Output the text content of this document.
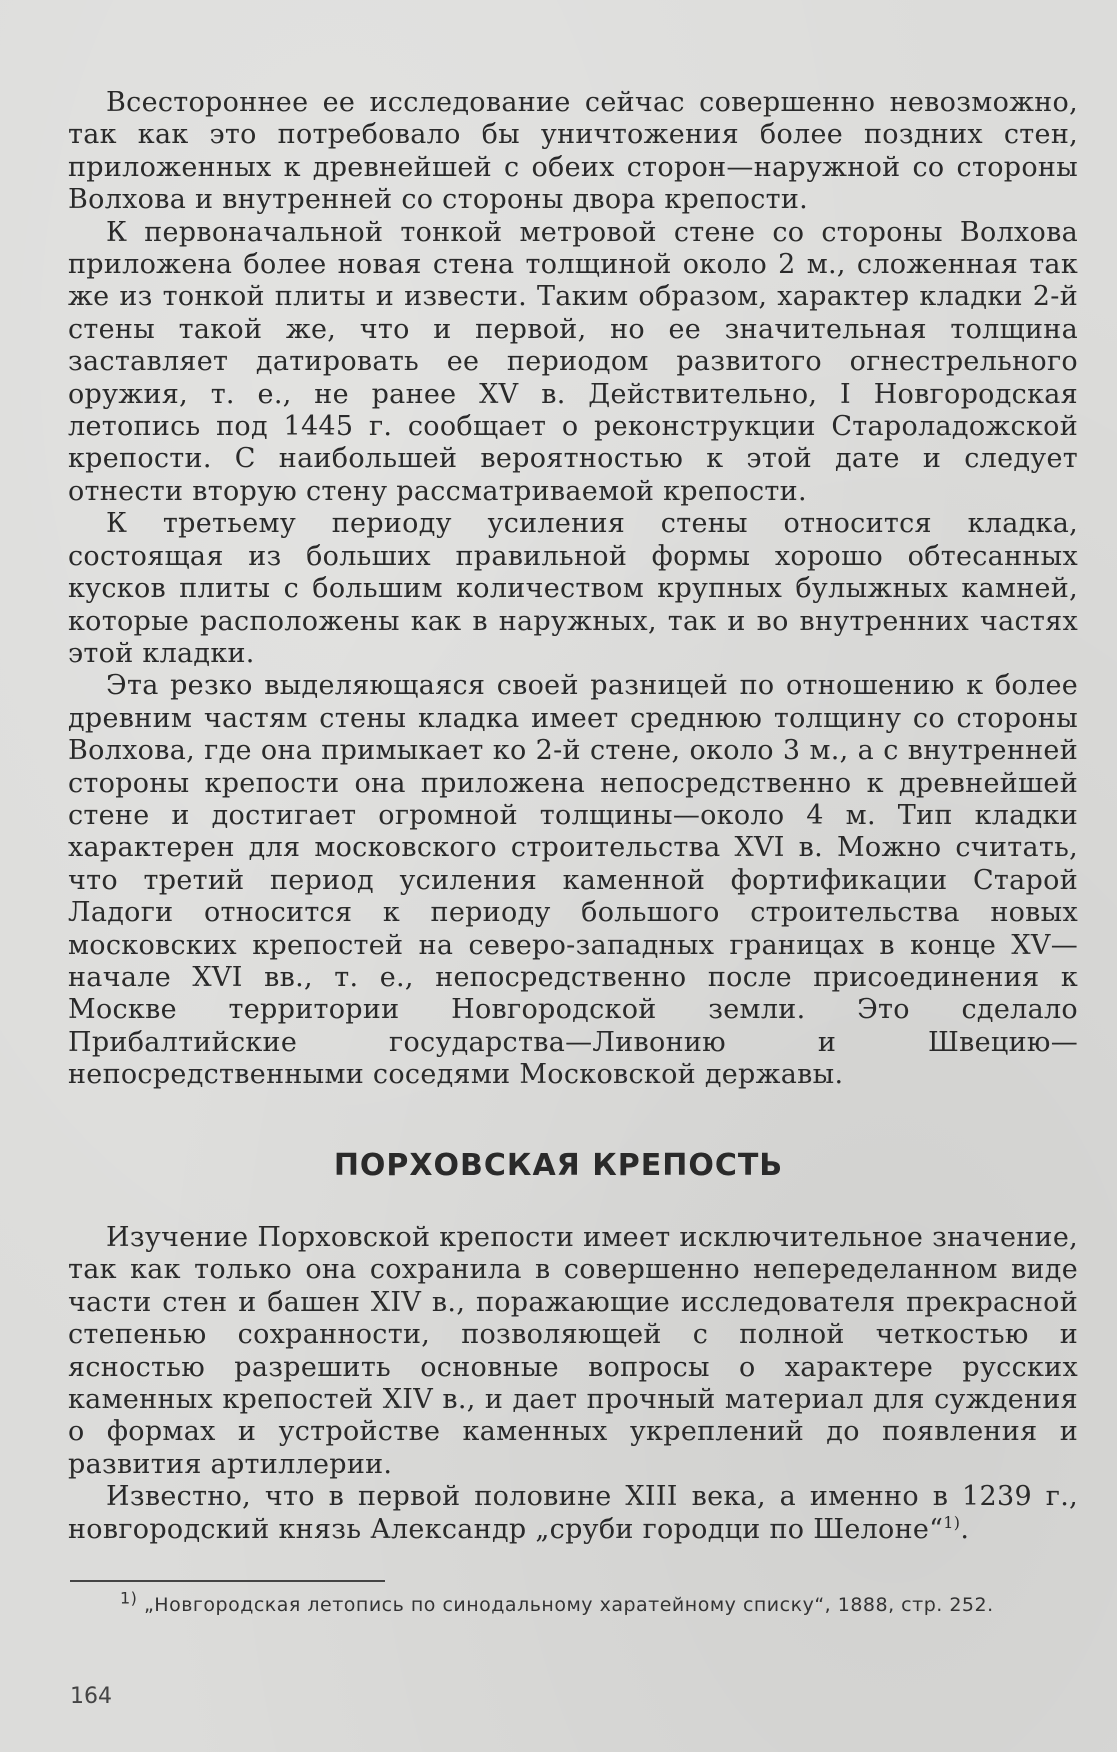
Всестороннее ее исследование сейчас совершенно невозможно, так как это потребовало бы уничтожения более поздних стен, приложенных к древнейшей с обеих сторон—наружной со стороны Волхова и внутренней со стороны двора крепости.

К первоначальной тонкой метровой стене со стороны Волхова приложена более новая стена толщиной около 2 м., сложенная так же из тонкой плиты и извести. Таким образом, характер кладки 2-й стены такой же, что и первой, но ее значительная толщина заставляет датировать ее периодом развитого огнестрельного оружия, т. е., не ранее XV в. Действительно, I Новгородская летопись под 1445 г. сообщает о реконструкции Староладожской крепости. С наибольшей вероятностью к этой дате и следует отнести вторую стену рассматриваемой крепости.

К третьему периоду усиления стены относится кладка, состоящая из больших правильной формы хорошо обтесанных кусков плиты с большим количеством крупных булыжных камней, которые расположены как в наружных, так и во внутренних частях этой кладки.

Эта резко выделяющаяся своей разницей по отношению к более древним частям стены кладка имеет среднюю толщину со стороны Волхова, где она примыкает ко 2-й стене, около 3 м., а с внутренней стороны крепости она приложена непосредственно к древнейшей стене и достигает огромной толщины—около 4 м. Тип кладки характерен для московского строительства XVI в. Можно считать, что третий период усиления каменной фортификации Старой Ладоги относится к периоду большого строительства новых московских крепостей на северо-западных границах в конце XV—начале XVI вв., т. е., непосредственно после присоединения к Москве территории Новгородской земли. Это сделало Прибалтийские государства—Ливонию и Швецию—непосредственными соседями Московской державы.

ПОРХОВСКАЯ КРЕПОСТЬ

Изучение Порховской крепости имеет исключительное значение, так как только она сохранила в совершенно непеределанном виде части стен и башен XIV в., поражающие исследователя прекрасной степенью сохранности, позволяющей с полной четкостью и ясностью разрешить основные вопросы о характере русских каменных крепостей XIV в., и дает прочный материал для суждения о формах и устройстве каменных укреплений до появления и развития артиллерии.

Известно, что в первой половине XIII века, а именно в 1239 г., новгородский князь Александр „сруби городци по Шелоне“$^{1)}$.

$^{1)}$ „Новгородская летопись по синодальному харатейному списку“, 1888, стр. 252.
164
